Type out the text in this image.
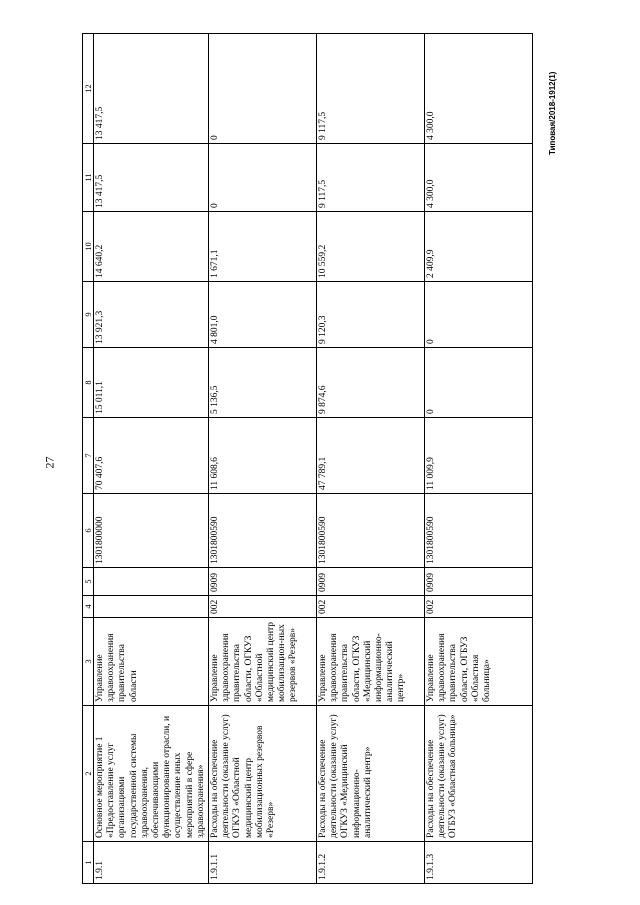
27
Типовая/2018-1912(1)
1	2	3	4	5	6	7	8	9	10	11	12
1.9.1	Основное мероприятие 1 «Предоставление услуг организациями государственной системы здравоохранения, обеспечивающими функционирование отрасли, и осуществление иных мероприятий в сфере здравоохранения»	Управление здравоохранения правительства области			1301800000	70 407,6	15 011,1	13 921,3	14 640,2	13 417,5	13 417,5
1.9.1.1	Расходы на обеспечение деятельности (оказание услуг) ОГКУЗ «Областной медицинский центр мобилизационных резервов «Резерв»	Управление здравоохранения правительства области, ОГКУЗ «Областной медицинский центр мобилизацион-ных резервов «Резерв»	002	0909	1301800590	11 608,6	5 136,5	4 801,0	1 671,1	0	0
1.9.1.2	Расходы на обеспечение деятельности (оказание услуг) ОГКУЗ «Медицинский информационно-аналитический центр»	Управление здравоохранения правительства области, ОГКУЗ «Медицинский информационно-аналитический центр»	002	0909	1301800590	47 789,1	9 874,6	9 120,3	10 559,2	9 117,5	9 117,5
1.9.1.3	Расходы на обеспечение деятельности (оказание услуг) ОГБУЗ «Областная больница»	Управление здравоохранения правительства области, ОГБУЗ «Областная больница»	002	0909	1301800590	11 009,9	0	0	2 409,9	4 300,0	4 300,0
